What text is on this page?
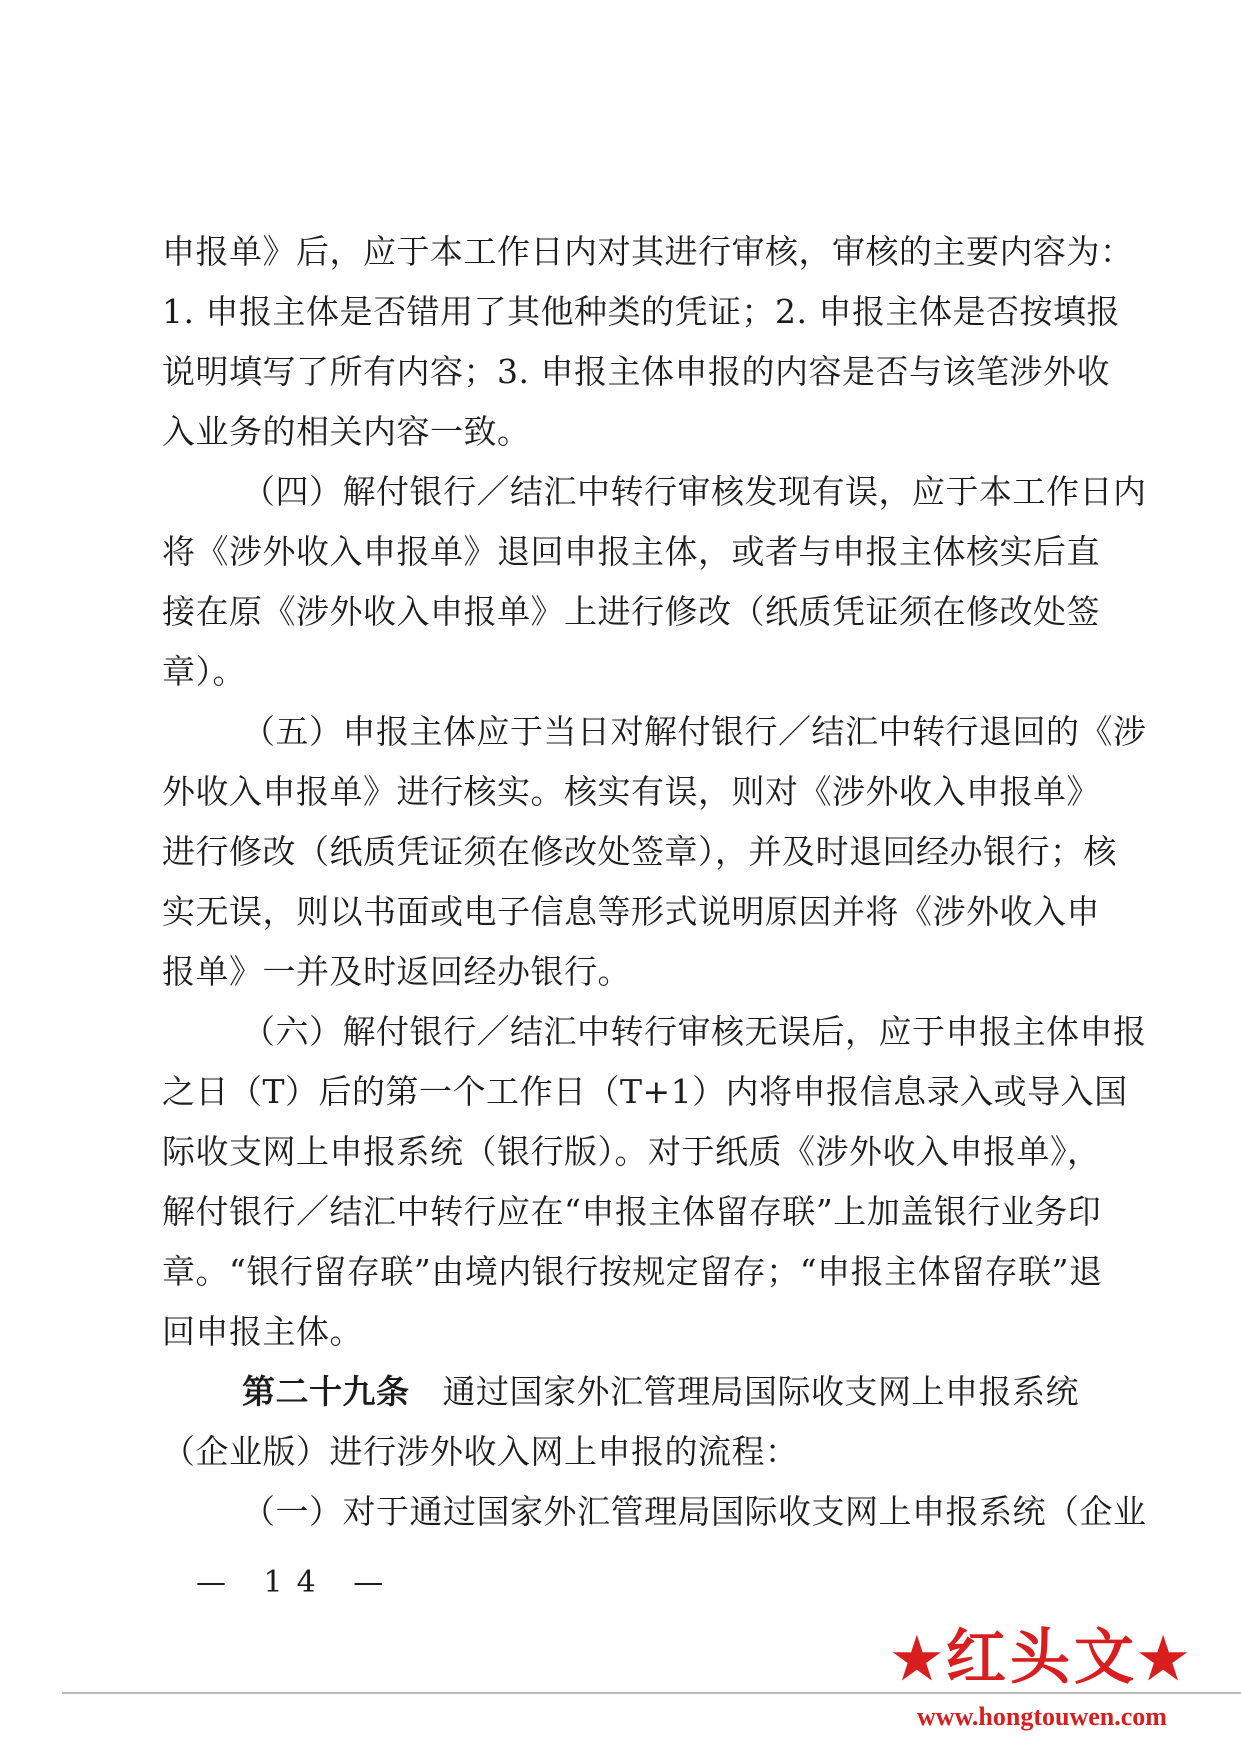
申报单》后，应于本工作日内对其进行审核，审核的主要内容为：
1. 申报主体是否错用了其他种类的凭证；2. 申报主体是否按填报
说明填写了所有内容；3. 申报主体申报的内容是否与该笔涉外收
入业务的相关内容一致。
（四）解付银行／结汇中转行审核发现有误，应于本工作日内
将《涉外收入申报单》退回申报主体，或者与申报主体核实后直
接在原《涉外收入申报单》上进行修改（纸质凭证须在修改处签
章）。
（五）申报主体应于当日对解付银行／结汇中转行退回的《涉
外收入申报单》进行核实。核实有误，则对《涉外收入申报单》
进行修改（纸质凭证须在修改处签章），并及时退回经办银行；核
实无误，则以书面或电子信息等形式说明原因并将《涉外收入申
报单》一并及时返回经办银行。
（六）解付银行／结汇中转行审核无误后，应于申报主体申报
之日（T）后的第一个工作日（T+1）内将申报信息录入或导入国
际收支网上申报系统（银行版）。对于纸质《涉外收入申报单》，
解付银行／结汇中转行应在“申报主体留存联”上加盖银行业务印
章。“银行留存联”由境内银行按规定留存；“申报主体留存联”退
回申报主体。
第二十九条 通过国家外汇管理局国际收支网上申报系统
（企业版）进行涉外收入网上申报的流程：
（一）对于通过国家外汇管理局国际收支网上申报系统（企业
— 14 —
★红头文★
www.hongtouwen.com
